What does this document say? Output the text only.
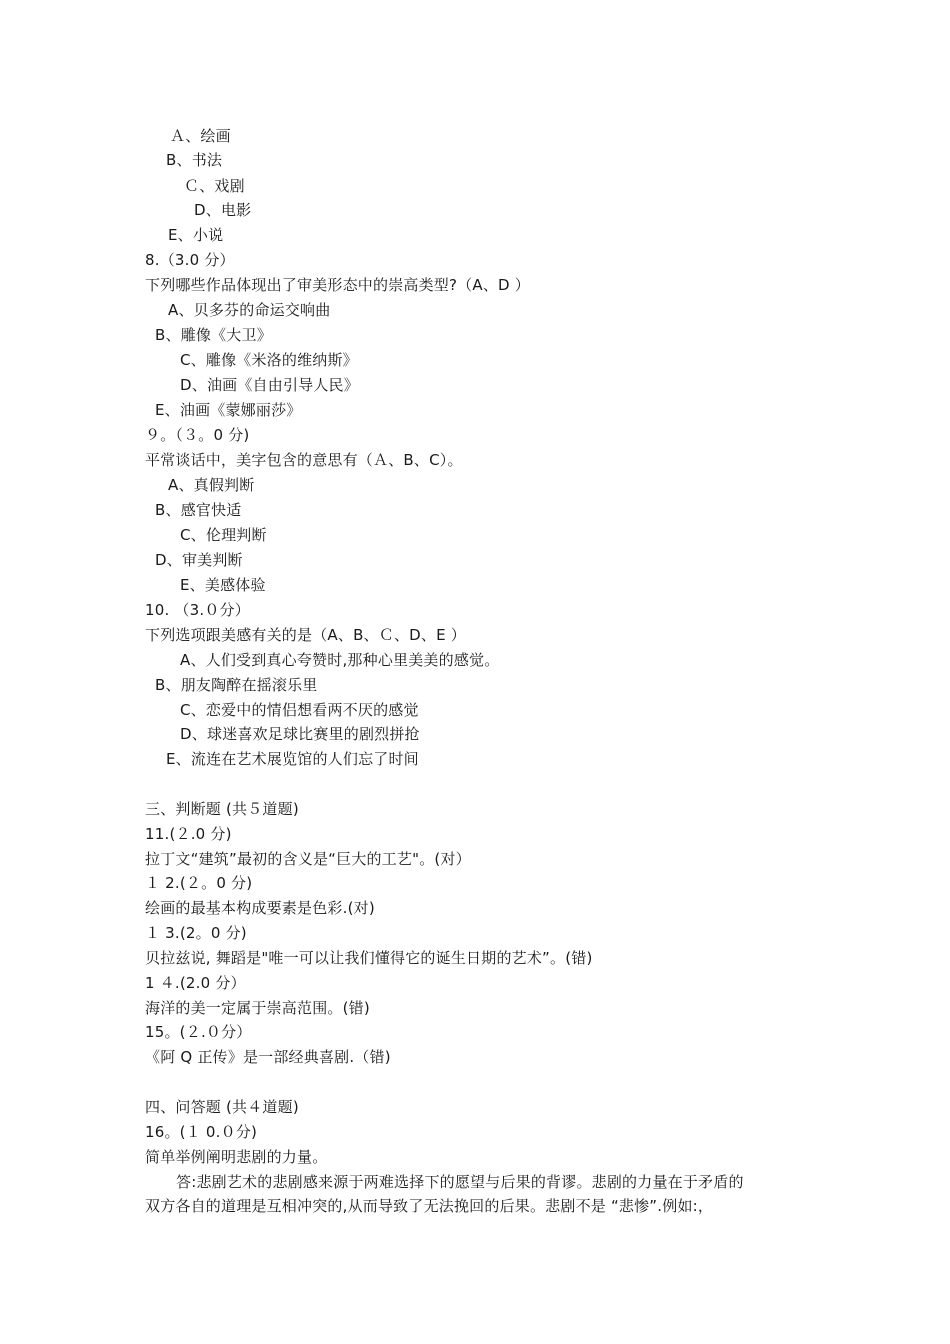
Ａ、绘画
B、书法
Ｃ、戏剧
D、电影
E、小说
8.（3.0 分）
下列哪些作品体现出了审美形态中的崇高类型?（A、D ）
A、贝多芬的命运交响曲
B、雕像《大卫》
C、雕像《米洛的维纳斯》
D、油画《自由引导人民》
E、油画《蒙娜丽莎》
９。（３。0 分)
平常谈话中，美字包含的意思有（Ａ、B、C）。
A、真假判断
B、感官快适
C、伦理判断
D、审美判断
E、美感体验
10. （3.０分）
下列选项跟美感有关的是（A、B、Ｃ、D、E ）
A、人们受到真心夸赞时,那种心里美美的感觉。
B、朋友陶醉在摇滚乐里
C、恋爱中的情侣想看两不厌的感觉
D、球迷喜欢足球比赛里的剧烈拼抢
E、流连在艺术展览馆的人们忘了时间
三、判断题 (共５道题)
11.(２.0 分)
拉丁文“建筑”最初的含义是“巨大的工艺"。(对）
１ 2.(２。0 分)
绘画的最基本构成要素是色彩.(对)
１ 3.(2。0 分)
贝拉兹说, 舞蹈是"唯一可以让我们懂得它的诞生日期的艺术”。(错)
1 ４.(2.0 分）
海洋的美一定属于崇高范围。(错)
15。(２.０分）
《阿 Q 正传》是一部经典喜剧.（错)
四、问答题 (共４道题)
16。(１ 0.０分)
简单举例阐明悲剧的力量。
答:悲剧艺术的悲剧感来源于两难选择下的愿望与后果的背谬。悲剧的力量在于矛盾的
双方各自的道理是互相冲突的,从而导致了无法挽回的后果。悲剧不是 “悲惨”.例如:，
